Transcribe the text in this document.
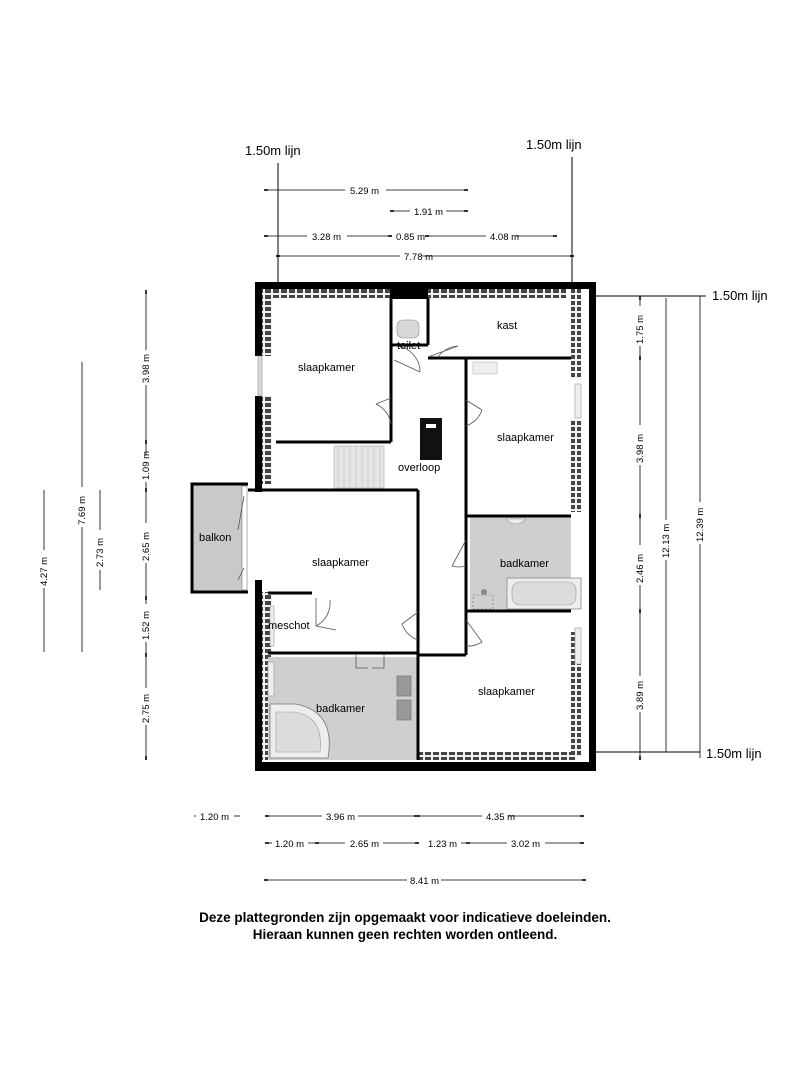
1.50m lijn	1.50m lijn
1.50m lijn
1.50m lijn
slaapkamer
toilet
kast
slaapkamer
overloop
balkon
slaapkamer	badkamer
meschot
badkamer
slaapkamer
5.29 m
1.91 m
3.28 m	0.85 m	4.08 m
7.78 m
1.20 m	3.96 m	4.35 m
1.20 m	2.65 m	1.23 m	3.02 m
8.41 m
4.27 m
7.69 m
2.73 m
3.98 m
1.09 m
2.65 m
1.52 m
2.75 m
1.75 m
3.98 m
2.46 m
3.89 m
12.13 m 12.39 m
Deze plattegronden zijn opgemaakt voor indicatieve doeleinden.
Hieraan kunnen geen rechten worden ontleend.
